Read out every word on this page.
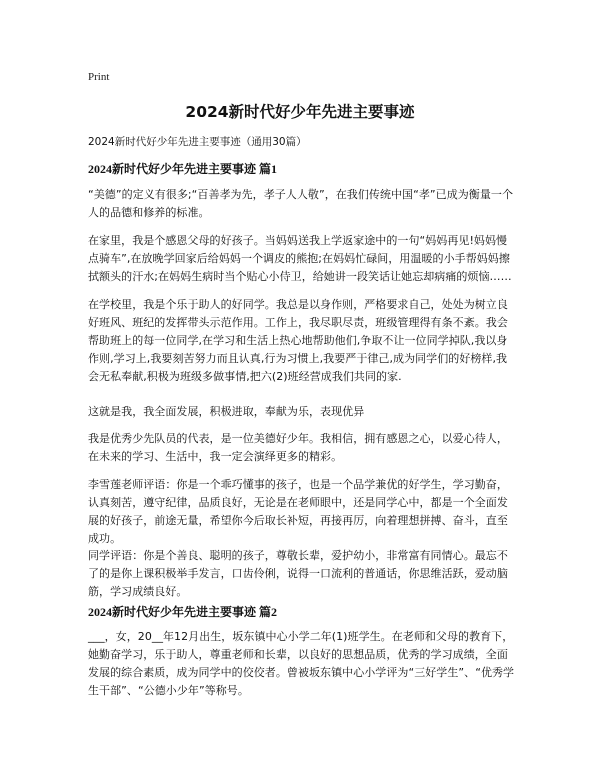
Print
2024新时代好少年先进主要事迹
2024新时代好少年先进主要事迹（通用30篇）
2024新时代好少年先进主要事迹 篇1
“美德”的定义有很多;“百善孝为先，孝子人人敬”，在我们传统中国“孝”已成为衡量一个人的品德和修养的标准。
在家里，我是个感恩父母的好孩子。当妈妈送我上学返家途中的一句“妈妈再见!妈妈慢点骑车”,在放晚学回家后给妈妈一个调皮的熊抱;在妈妈忙碌间，用温暖的小手帮妈妈擦拭额头的汗水;在妈妈生病时当个贴心小侍卫，给她讲一段笑话让她忘却病痛的烦恼……
在学校里，我是个乐于助人的好同学。我总是以身作则，严格要求自己，处处为树立良好班风、班纪的发挥带头示范作用。工作上，我尽职尽责，班级管理得有条不紊。我会帮助班上的每一位同学,在学习和生活上热心地帮助他们,争取不让一位同学掉队,我以身作则,学习上,我要刻苦努力而且认真,行为习惯上,我要严于律己,成为同学们的好榜样,我会无私奉献,积极为班级多做事情,把六(2)班经营成我们共同的家.
这就是我，我全面发展，积极进取，奉献为乐，表现优异
我是优秀少先队员的代表，是一位美德好少年。我相信，拥有感恩之心，以爱心待人，在未来的学习、生活中，我一定会演绎更多的精彩。
李雪莲老师评语：你是一个乖巧懂事的孩子，也是一个品学兼优的好学生，学习勤奋，认真刻苦，遵守纪律，品质良好，无论是在老师眼中，还是同学心中，都是一个全面发展的好孩子，前途无量，希望你今后取长补短，再接再厉，向着理想拼搏、奋斗，直至成功。
同学评语：你是个善良、聪明的孩子，尊敬长辈，爱护幼小，非常富有同情心。最忘不了的是你上课积极举手发言，口齿伶俐，说得一口流利的普通话，你思维活跃，爱动脑筋，学习成绩良好。
2024新时代好少年先进主要事迹 篇2
___，女，20__年12月出生，坂东镇中心小学二年(1)班学生。在老师和父母的教育下，她勤奋学习，乐于助人，尊重老师和长辈，以良好的思想品质，优秀的学习成绩，全面发展的综合素质，成为同学中的佼佼者。曾被坂东镇中心小学评为“三好学生”、“优秀学生干部”、“公德小少年”等称号。
